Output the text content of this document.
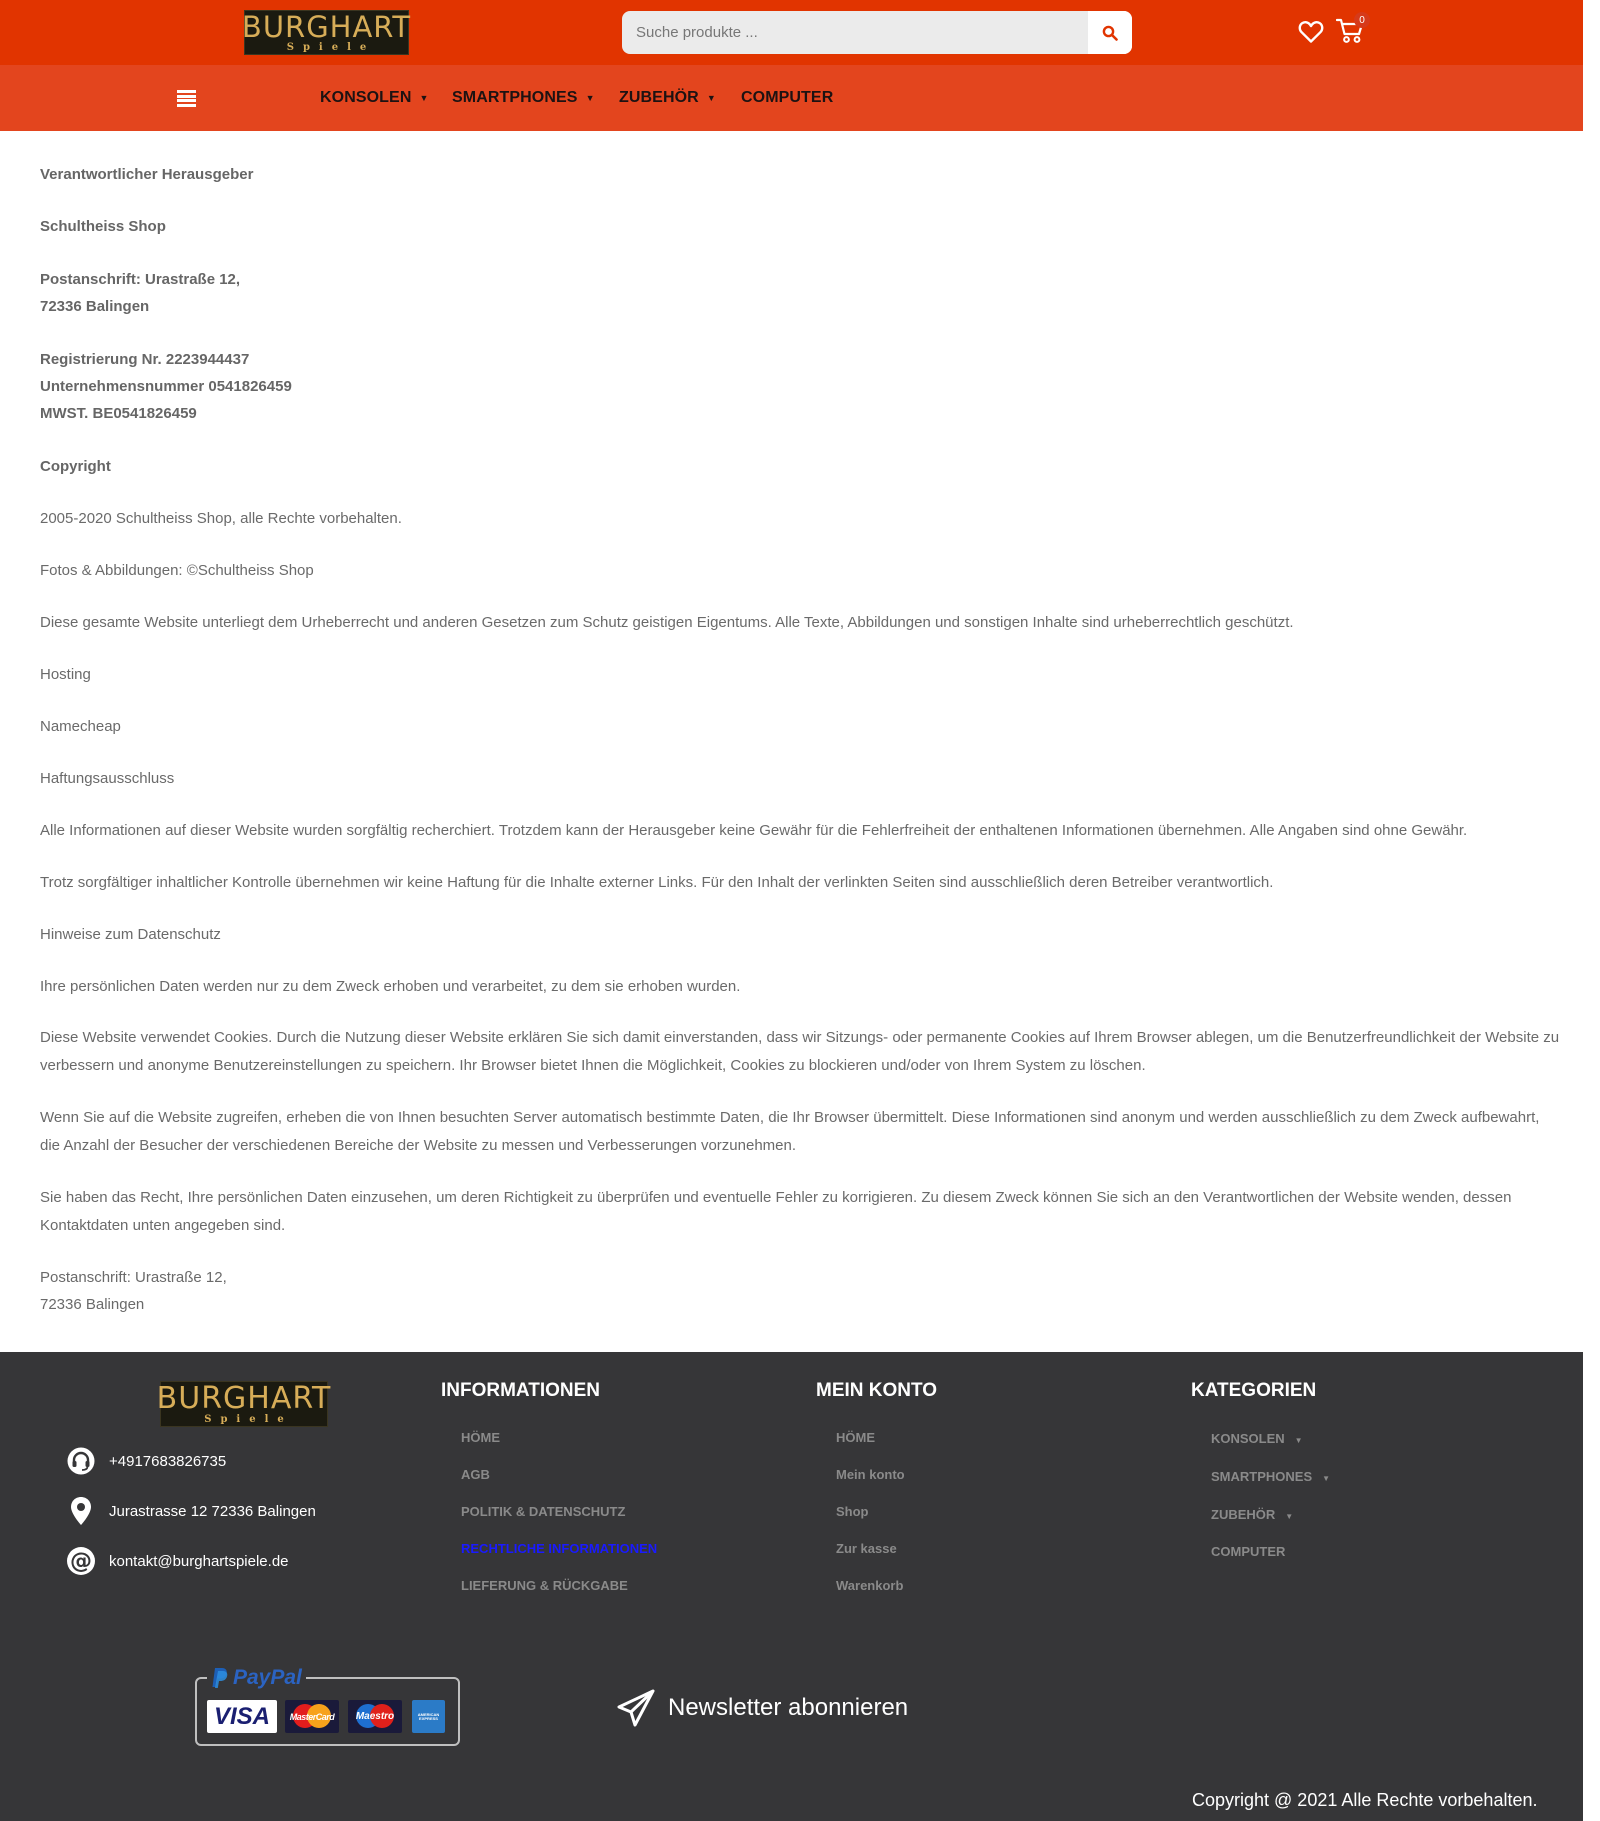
BURGHART
Spiele
Suche produkte ...
0
KONSOLEN ▼ SMARTPHONES ▼ ZUBEHÖR ▼ COMPUTER

Verantwortlicher Herausgeber

Schultheiss Shop

Postanschrift: Urastraße 12,

72336 Balingen

Registrierung Nr. 2223944437

Unternehmensnummer 0541826459

MWST. BE0541826459

Copyright

2005-2020 Schultheiss Shop, alle Rechte vorbehalten.

Fotos & Abbildungen: ©Schultheiss Shop

Diese gesamte Website unterliegt dem Urheberrecht und anderen Gesetzen zum Schutz geistigen Eigentums. Alle Texte, Abbildungen und sonstigen Inhalte sind urheberrechtlich geschützt.

Hosting

Namecheap

Haftungsausschluss

Alle Informationen auf dieser Website wurden sorgfältig recherchiert. Trotzdem kann der Herausgeber keine Gewähr für die Fehlerfreiheit der enthaltenen Informationen übernehmen. Alle Angaben sind ohne Gewähr.

Trotz sorgfältiger inhaltlicher Kontrolle übernehmen wir keine Haftung für die Inhalte externer Links. Für den Inhalt der verlinkten Seiten sind ausschließlich deren Betreiber verantwortlich.

Hinweise zum Datenschutz

Ihre persönlichen Daten werden nur zu dem Zweck erhoben und verarbeitet, zu dem sie erhoben wurden.

Diese Website verwendet Cookies. Durch die Nutzung dieser Website erklären Sie sich damit einverstanden, dass wir Sitzungs- oder permanente Cookies auf Ihrem Browser ablegen, um die Benutzerfreundlichkeit der Website zu

verbessern und anonyme Benutzereinstellungen zu speichern. Ihr Browser bietet Ihnen die Möglichkeit, Cookies zu blockieren und/oder von Ihrem System zu löschen.

Wenn Sie auf die Website zugreifen, erheben die von Ihnen besuchten Server automatisch bestimmte Daten, die Ihr Browser übermittelt. Diese Informationen sind anonym und werden ausschließlich zu dem Zweck aufbewahrt,

die Anzahl der Besucher der verschiedenen Bereiche der Website zu messen und Verbesserungen vorzunehmen.

Sie haben das Recht, Ihre persönlichen Daten einzusehen, um deren Richtigkeit zu überprüfen und eventuelle Fehler zu korrigieren. Zu diesem Zweck können Sie sich an den Verantwortlichen der Website wenden, dessen

Kontaktdaten unten angegeben sind.

Postanschrift: Urastraße 12,

72336 Balingen

BURGHART
Spiele
+4917683826735
Jurastrasse 12 72336 Balingen
@ kontakt@burghartspiele.de
INFORMATIONEN
HÖME
AGB
POLITIK & DATENSCHUTZ
RECHTLICHE INFORMATIONEN
LIEFERUNG & RÜCKGABE
MEIN KONTO
HÖME
Mein konto
Shop
Zur kasse
Warenkorb
KATEGORIEN
KONSOLEN ▼
SMARTPHONES ▼
ZUBEHÖR ▼
COMPUTER
PayPal
VISA	MasterCard Maestro	AMERICAN EXPRESS	Newsletter abonnieren
Copyright @ 2021 Alle Rechte vorbehalten.
